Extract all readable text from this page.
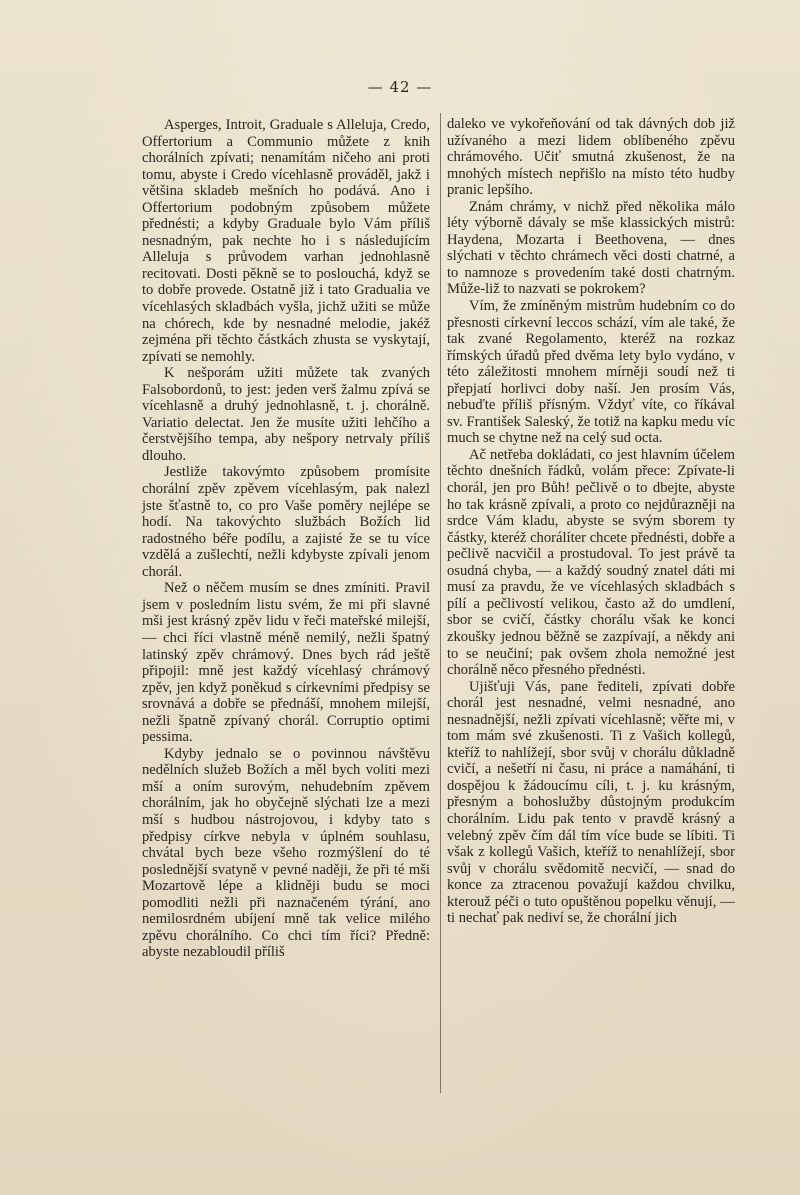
— 42 —

Asperges, Introit, Graduale s Alleluja, Credo, Offertorium a Communio můžete z knih chorálních zpívati; nenamítám ničeho ani proti tomu, abyste i Credo vícehlasně prováděl, jakž i většina skladeb mešních ho podává. Ano i Offertorium podobným způsobem můžete přednésti; a kdyby Graduale bylo Vám příliš nesnadným, pak nechte ho i s následujícím Alleluja s průvodem varhan jednohlasně recitovati. Dosti pěkně se to poslouchá, když se to dobře provede. Ostatně již i tato Gradualia ve vícehlasých skladbách vyšla, jichž užiti se může na chórech, kde by nesnadné melodie, jakéž zejména při těchto částkách zhusta se vyskytají, zpívati se nemohly.

K nešporám užiti můžete tak zvaných Falsobordonů, to jest: jeden verš žalmu zpívá se vícehlasně a druhý jednohlasně, t. j. chorálně. Variatio delectat. Jen že musíte užiti lehčího a čerstvějšího tempa, aby nešpory netrvaly příliš dlouho.

Jestliže takovýmto způsobem promísite chorální zpěv zpěvem vícehlasým, pak nalezl jste šťastně to, co pro Vaše poměry nejlépe se hodí. Na takovýchto službách Božích lid radostného béře podílu, a zajisté že se tu více vzdělá a zušlechtí, nežli kdybyste zpívali jenom chorál.

Než o něčem musím se dnes zmíniti. Pravil jsem v posledním listu svém, že mi při slavné mši jest krásný zpěv lidu v řeči mateřské milejší, — chci říci vlastně méně nemilý, nežli špatný latinský zpěv chrámový. Dnes bych rád ještě připojil: mně jest každý vícehlasý chrámový zpěv, jen když poněkud s církevními předpisy se srovnává a dobře se přednáší, mnohem milejší, nežli špatně zpívaný chorál. Corruptio optimi pessima.

Kdyby jednalo se o povinnou návštěvu nedělních služeb Božích a měl bych voliti mezi mší a oním surovým, nehudebním zpěvem chorálním, jak ho obyčejně slýchati lze a mezi mší s hudbou nástrojovou, i kdyby tato s předpisy církve nebyla v úplném souhlasu, chvátal bych beze všeho rozmýšlení do té poslednější svatyně v pevné naději, že při té mši Mozartově lépe a klidněji budu se moci pomodliti nežli při naznačeném týrání, ano nemilosrdném ubíjení mně tak velice milého zpěvu chorálního. Co chci tím říci? Předně: abyste nezabloudil příliš

daleko ve vykořeňování od tak dávných dob již užívaného a mezi lidem oblíbeného zpěvu chrámového. Učiť smutná zkušenost, že na mnohých místech nepřišlo na místo této hudby pranic lepšího.

Znám chrámy, v nichž před několika málo léty výborně dávaly se mše klassických mistrů: Haydena, Mozarta i Beethovena, — dnes slýchati v těchto chrámech věci dosti chatrné, a to namnoze s provedením také dosti chatrným. Může-liž to nazvati se pokrokem?

Vím, že zmíněným mistrům hudebním co do přesnosti církevní leccos schází, vím ale také, že tak zvané Regolamento, kteréž na rozkaz římských úřadů před dvěma lety bylo vydáno, v této záležitosti mnohem mírněji soudí než ti přepjatí horlivci doby naší. Jen prosím Vás, nebuďte příliš přísným. Vždyť víte, co říkával sv. František Saleský, že totiž na kapku medu víc much se chytne než na celý sud octa.

Ač netřeba dokládati, co jest hlavním účelem těchto dnešních řádků, volám přece: Zpívate-li chorál, jen pro Bůh! pečlivě o to dbejte, abyste ho tak krásně zpívali, a proto co nejdůrazněji na srdce Vám kladu, abyste se svým sborem ty částky, kteréž chorálíter chcete přednésti, dobře a pečlivě nacvičil a prostudoval. To jest právě ta osudná chyba, — a každý soudný znatel dáti mi musí za pravdu, že ve vícehlasých skladbách s pílí a pečlivostí velikou, často až do umdlení, sbor se cvičí, částky chorálu však ke konci zkoušky jednou běžně se zazpívají, a někdy ani to se neučiní; pak ovšem zhola nemožné jest chorálně něco přesného přednésti.

Ujišťuji Vás, pane řediteli, zpívati dobře chorál jest nesnadné, velmi nesnadné, ano nesnadnější, nežli zpívati vícehlasně; věřte mi, v tom mám své zkušenosti. Ti z Vašich kollegů, kteříž to nahlížejí, sbor svůj v chorálu důkladně cvičí, a nešetří ni času, ni práce a namáhání, ti dospějou k žádoucímu cíli, t. j. ku krásným, přesným a bohoslužby důstojným produkcím chorálním. Lidu pak tento v pravdě krásný a velebný zpěv čím dál tím více bude se líbiti. Ti však z kollegů Vašich, kteříž to nenahlížejí, sbor svůj v chorálu svědomitě necvičí, — snad do konce za ztracenou považují každou chvilku, kterouž péči o tuto opuštěnou popelku věnují, — ti nechať pak nediví se, že chorální jich
